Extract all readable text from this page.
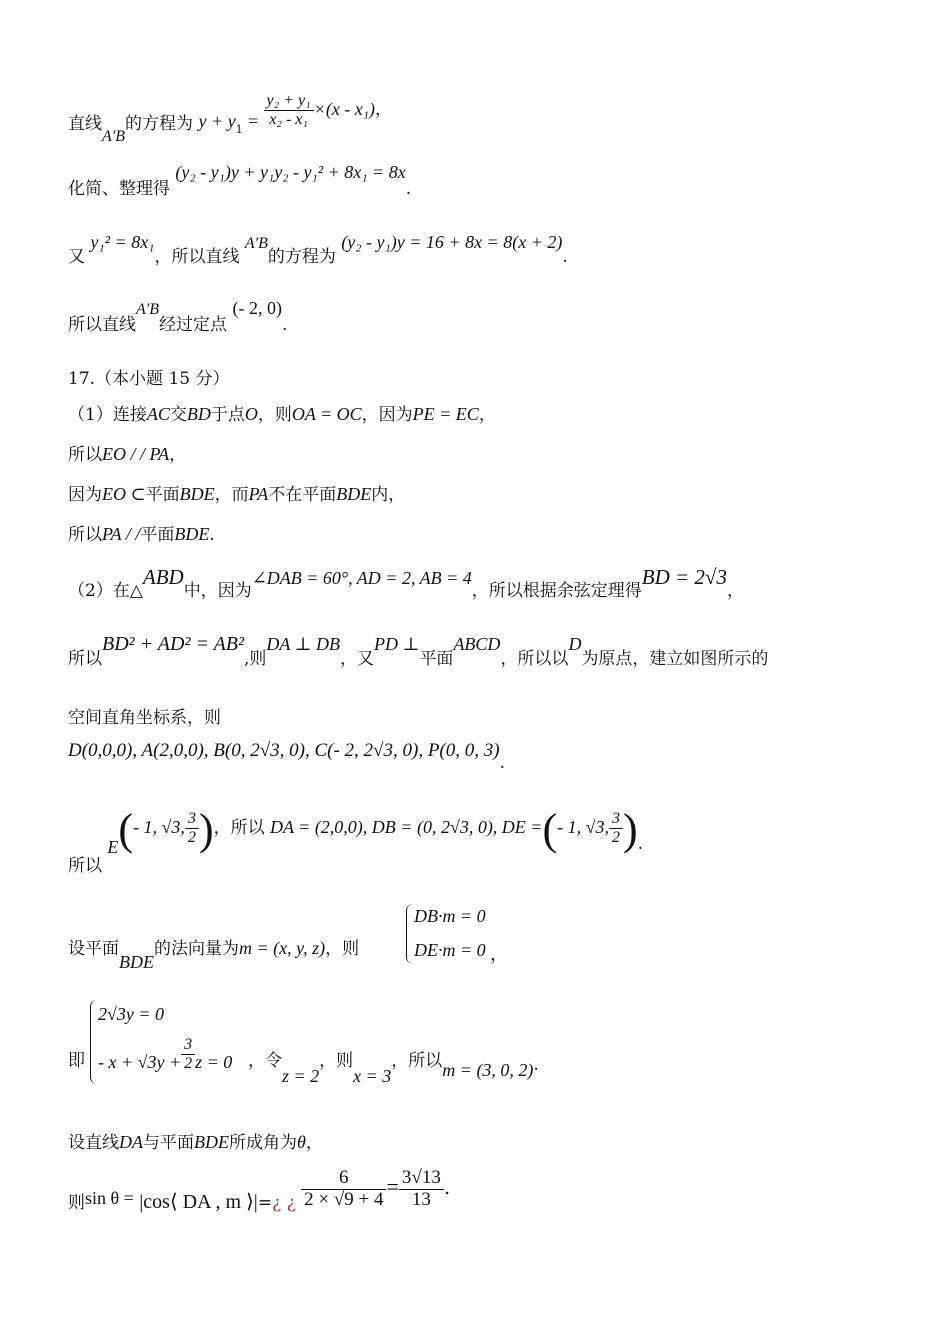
直线A′B的方程为 $y + y_1 = \frac{\text{y₂ + y₁}}{\text{x₂ - x₁}} \times(x - x_1)$，
化简、整理得 (y₂ - y₁)y + y₁y₂ - y₁² + 8x₁ = 8x.
又 y₁² = 8x₁，所以直线 A′B的方程为 (y₂ - y₁)y = 16 + 8x = 8(x + 2).
所以直线A′B经过定点 (- 2, 0).
17.（本小题 15 分）
（1）连接AC交BD于点O，则OA = OC，因为PE = EC，
所以EO / / PA，
因为EO ⊂平面BDE，而PA不在平面BDE内，
所以PA / /平面BDE.
（2）在△ABD中，因为∠DAB = 60°, AD = 2, AB = 4，所以根据余弦定理得BD = 2√3，
所以BD² + AD² = AB²,则DA ⊥ DB，又PD ⊥平面ABCD，所以以D为原点，建立如图所示的
空间直角坐标系，则
D(0,0,0), A(2,0,0), B(0, 2√3, 0), C(- 2, 2√3, 0), P(0, 0, 3).
所以 E(- 1, √3, $\frac{3}{2}$ )，所以 DA = (2,0,0), DB = (0, 2√3, 0), DE =(- 1, √3, $\frac{3}{2}$ ).
设平面BDE的法向量为m = (x, y, z)，则
DB·m = 0
DE·m = 0 ，
2√3y = 0
- $x + √3y + \frac{3}{2}$ z = 0
即	，令z = 2，则x = 3，所以m = (3, 0, 2).
设直线DA与平面BDE所成角为θ，
则sin θ = |cos⟨ DA , m ⟩|=¿ ¿ $\frac{6}{2 \times √9 + 4} = \frac{3√13}{13}$ .
